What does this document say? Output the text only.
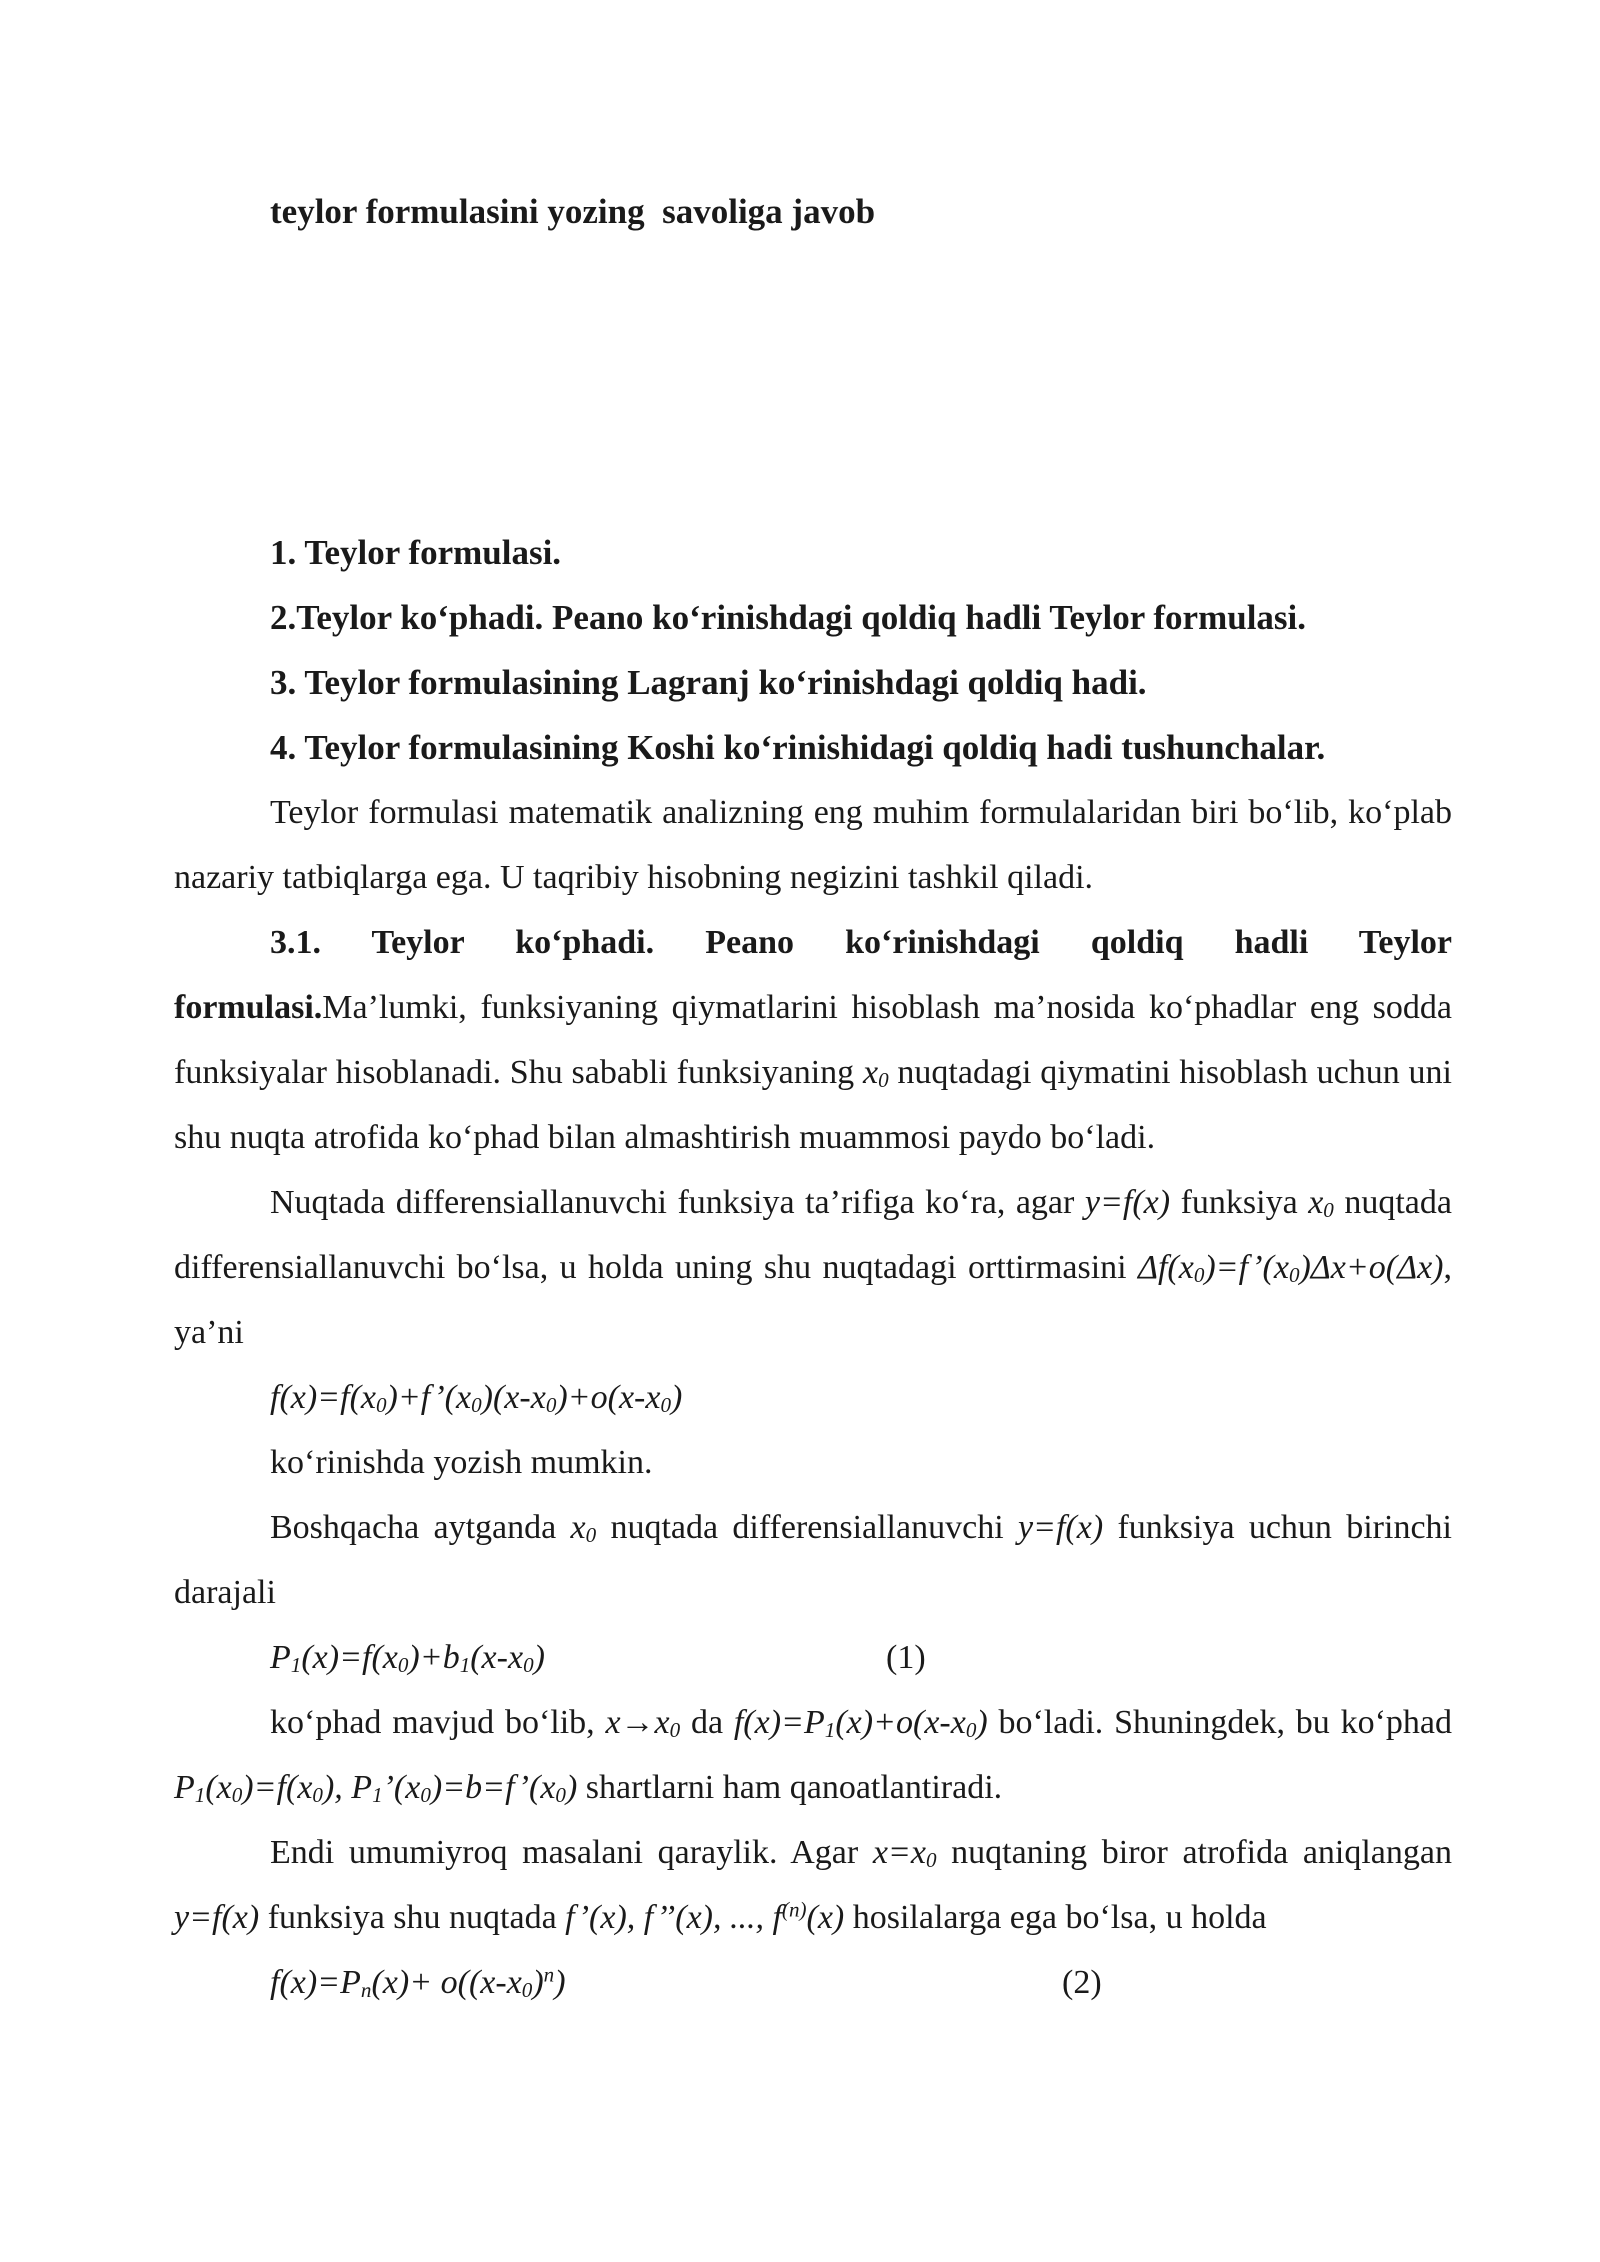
teylor formulasini yozing  savoliga javob
1. Teylor formulasi.
2.Teylor ko‘phadi. Peano ko‘rinishdagi qoldiq hadli Teylor formulasi.
3. Teylor formulasining Lagranj ko‘rinishdagi qoldiq hadi.
4. Teylor formulasining Koshi ko‘rinishidagi qoldiq hadi tushunchalar.

Teylor formulasi matematik analizning eng muhim formulalaridan biri bo‘lib, ko‘plab nazariy tatbiqlarga ega. U taqribiy hisobning negizini tashkil qiladi.

3.1. Teylor ko‘phadi. Peano ko‘rinishdagi qoldiq hadli Teylor formulasi.Ma’lumki, funksiyaning qiymatlarini hisoblash ma’nosida ko‘phadlar eng sodda funksiyalar hisoblanadi. Shu sababli funksiyaning $x_0$ nuqtadagi qiymatini hisoblash uchun uni shu nuqta atrofida ko‘phad bilan almashtirish muammosi paydo bo‘ladi.

Nuqtada differensiallanuvchi funksiya ta’rifiga ko‘ra, agar y=f(x) funksiya $x_0$ nuqtada differensiallanuvchi bo‘lsa, u holda uning shu nuqtadagi orttirmasini $\Delta f(x_0)=f’(x_0)\Delta x+o(\Delta x)$, ya’ni

$f(x)=f(x_0)+f’(x_0)(x-x_0)+o(x-x_0)$
ko‘rinishda yozish mumkin.

Boshqacha aytganda $x_0$ nuqtada differensiallanuvchi y=f(x) funksiya uchun birinchi darajali

$P_1(x)=f(x_0)+b_1(x-x_0)$	(1)

ko‘phad mavjud bo‘lib, $x\to x_0$ da $f(x)=P_1(x)+o(x-x_0)$ bo‘ladi. Shuningdek, bu ko‘phad $P_1(x_0)=f(x_0)$, $P_1’(x_0)=b=f’(x_0)$ shartlarni ham qanoatlantiradi.

Endi umumiyroq masalani qaraylik. Agar $x=x_0$ nuqtaning biror atrofida aniqlangan y=f(x) funksiya shu nuqtada f’(x), f’’(x), ..., $f^{(n)}(x)$ hosilalarga ega bo‘lsa, u holda

$f(x)=P_n(x)+ o((x-x_0)^n)$	(2)
